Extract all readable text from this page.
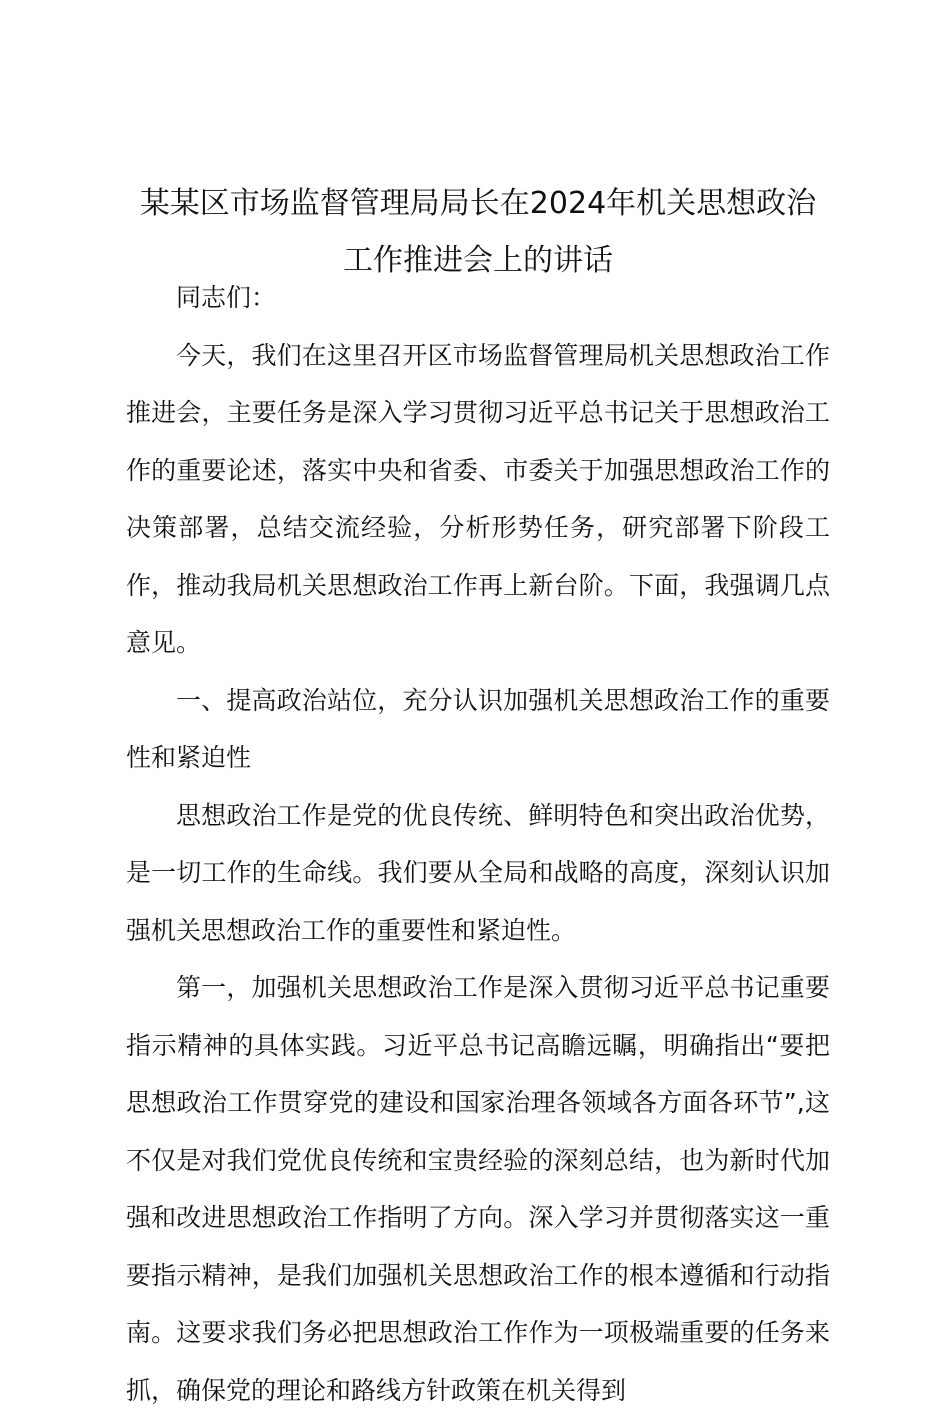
某某区市场监督管理局局长在2024年机关思想政治工作推进会上的讲话

同志们：

今天，我们在这里召开区市场监督管理局机关思想政治工作推进会，主要任务是深入学习贯彻习近平总书记关于思想政治工作的重要论述，落实中央和省委、市委关于加强思想政治工作的决策部署，总结交流经验，分析形势任务，研究部署下阶段工作，推动我局机关思想政治工作再上新台阶。下面，我强调几点意见。

一、提高政治站位，充分认识加强机关思想政治工作的重要性和紧迫性

思想政治工作是党的优良传统、鲜明特色和突出政治优势，是一切工作的生命线。我们要从全局和战略的高度，深刻认识加强机关思想政治工作的重要性和紧迫性。

第一，加强机关思想政治工作是深入贯彻习近平总书记重要指示精神的具体实践。习近平总书记高瞻远瞩，明确指出“要把思想政治工作贯穿党的建设和国家治理各领域各方面各环节”,这不仅是对我们党优良传统和宝贵经验的深刻总结，也为新时代加强和改进思想政治工作指明了方向。深入学习并贯彻落实这一重要指示精神，是我们加强机关思想政治工作的根本遵循和行动指南。这要求我们务必把思想政治工作作为一项极端重要的任务来抓，确保党的理论和路线方针政策在机关得到
